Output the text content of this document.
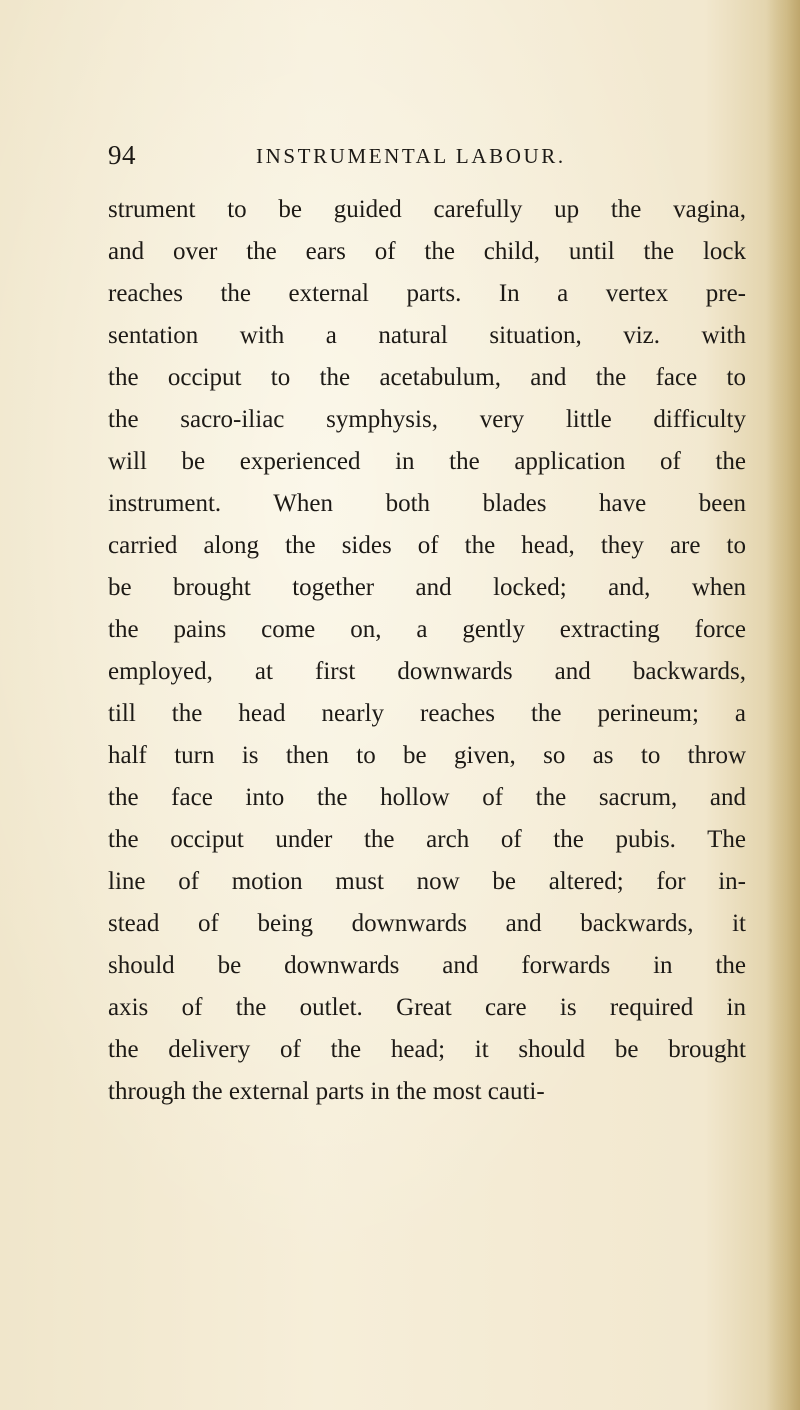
94	INSTRUMENTAL LABOUR.
strument to be guided carefully up the vagina,
and over the ears of the child, until the lock
reaches the external parts. In a vertex pre-
sentation with a natural situation, viz. with
the occiput to the acetabulum, and the face to
the sacro-iliac symphysis, very little difficulty
will be experienced in the application of the
instrument. When both blades have been
carried along the sides of the head, they are to
be brought together and locked; and, when
the pains come on, a gently extracting force
employed, at first downwards and backwards,
till the head nearly reaches the perineum; a
half turn is then to be given, so as to throw
the face into the hollow of the sacrum, and
the occiput under the arch of the pubis. The
line of motion must now be altered; for in-
stead of being downwards and backwards, it
should be downwards and forwards in the
axis of the outlet. Great care is required in
the delivery of the head; it should be brought
through the external parts in the most cauti-
